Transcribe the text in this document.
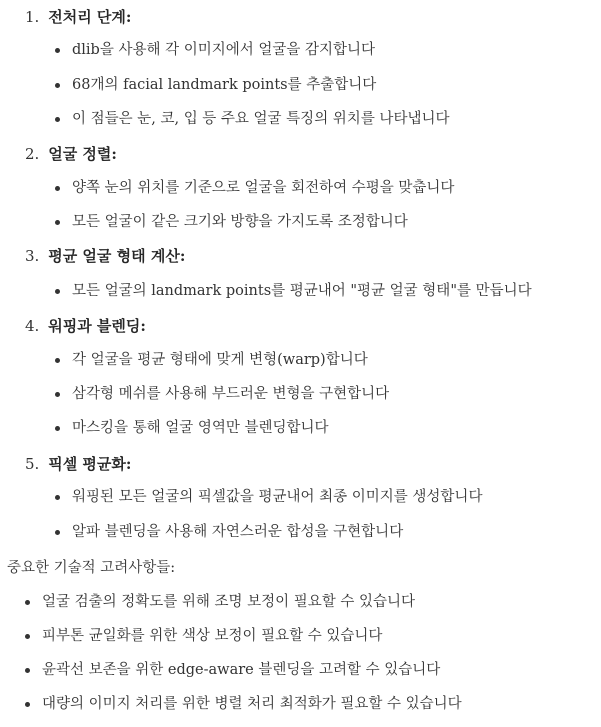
1. 전처리 단계:
dlib을 사용해 각 이미지에서 얼굴을 감지합니다
68개의 facial landmark points를 추출합니다
이 점들은 눈, 코, 입 등 주요 얼굴 특징의 위치를 나타냅니다
2. 얼굴 정렬:
양쪽 눈의 위치를 기준으로 얼굴을 회전하여 수평을 맞춥니다
모든 얼굴이 같은 크기와 방향을 가지도록 조정합니다
3. 평균 얼굴 형태 계산:
모든 얼굴의 landmark points를 평균내어 "평균 얼굴 형태"를 만듭니다
4. 워핑과 블렌딩:
각 얼굴을 평균 형태에 맞게 변형(warp)합니다
삼각형 메쉬를 사용해 부드러운 변형을 구현합니다
마스킹을 통해 얼굴 영역만 블렌딩합니다
5. 픽셀 평균화:
워핑된 모든 얼굴의 픽셀값을 평균내어 최종 이미지를 생성합니다
알파 블렌딩을 사용해 자연스러운 합성을 구현합니다
중요한 기술적 고려사항들:
얼굴 검출의 정확도를 위해 조명 보정이 필요할 수 있습니다
피부톤 균일화를 위한 색상 보정이 필요할 수 있습니다
윤곽선 보존을 위한 edge-aware 블렌딩을 고려할 수 있습니다
대량의 이미지 처리를 위한 병렬 처리 최적화가 필요할 수 있습니다
